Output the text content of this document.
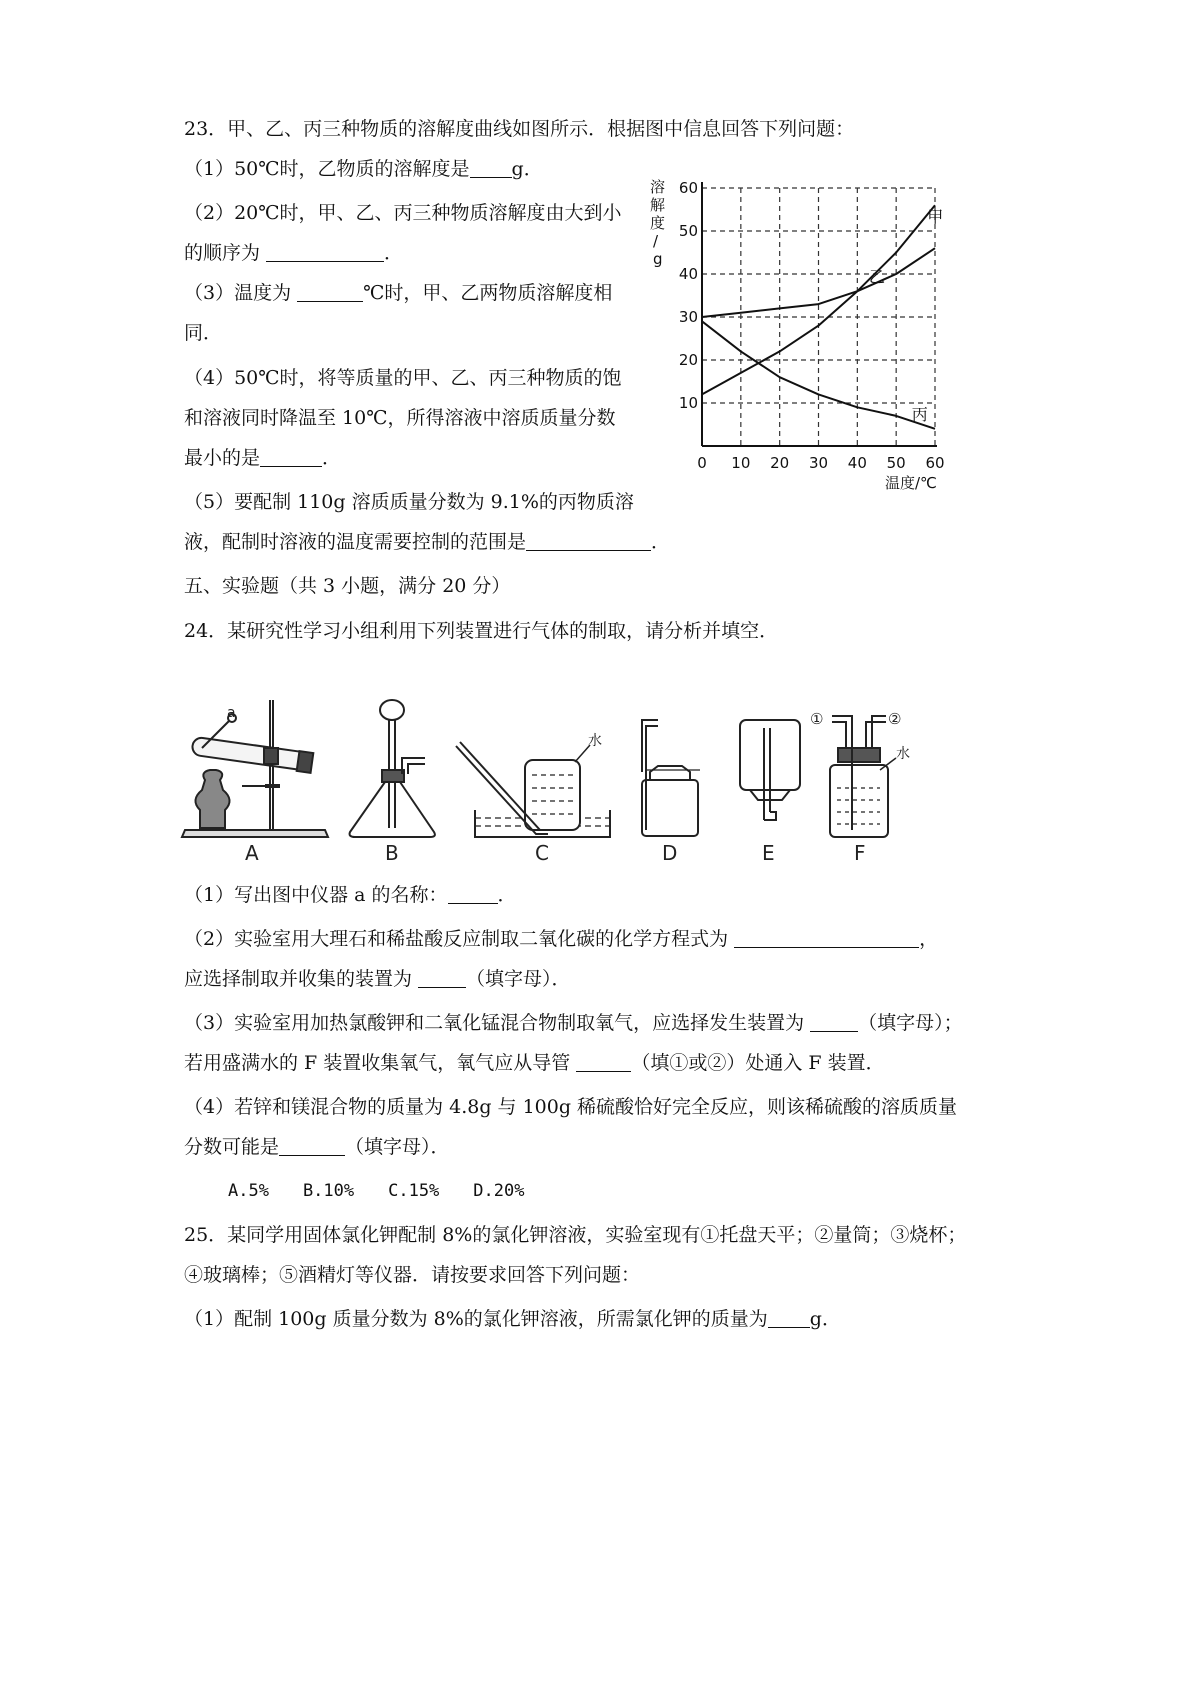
23．甲、乙、丙三种物质的溶解度曲线如图所示．根据图中信息回答下列问题：
（1）50℃时，乙物质的溶解度是 g．
（2）20℃时，甲、乙、丙三种物质溶解度由大到小
的顺序为	．
（3）温度为	℃时，甲、乙两物质溶解度相
同．
（4）50℃时，将等质量的甲、乙、丙三种物质的饱
和溶液同时降温至 10℃，所得溶液中溶质质量分数
最小的是	．
（5）要配制 110g 溶质质量分数为 9.1%的丙物质溶
液，配制时溶液的温度需要控制的范围是	．
0 10 20 30 40 50 60
10
20
30
40
50
60
溶
解
度
/
g
温度/℃
甲
乙
丙
五、实验题（共 3 小题，满分 20 分）
24．某研究性学习小组利用下列装置进行气体的制取，请分析并填空．
A
a
B
水
C	D	E
①	②
水
F
（1）写出图中仪器 a 的名称：	．
（2）实验室用大理石和稀盐酸反应制取二氧化碳的化学方程式为	，
应选择制取并收集的装置为	（填字母）．
（3）实验室用加热氯酸钾和二氧化锰混合物制取氧气，应选择发生装置为	（填字母）；
若用盛满水的 F 装置收集氧气，氧气应从导管	（填①或②）处通入 F 装置．
（4）若锌和镁混合物的质量为 4.8g 与 100g 稀硫酸恰好完全反应，则该稀硫酸的溶质质量
分数可能是	（填字母）．
A.5%　　B.10%　　C.15%　　D.20%
25．某同学用固体氯化钾配制 8%的氯化钾溶液，实验室现有①托盘天平；②量筒；③烧杯；
④玻璃棒；⑤酒精灯等仪器．请按要求回答下列问题：
（1）配制 100g 质量分数为 8%的氯化钾溶液，所需氯化钾的质量为 g．
